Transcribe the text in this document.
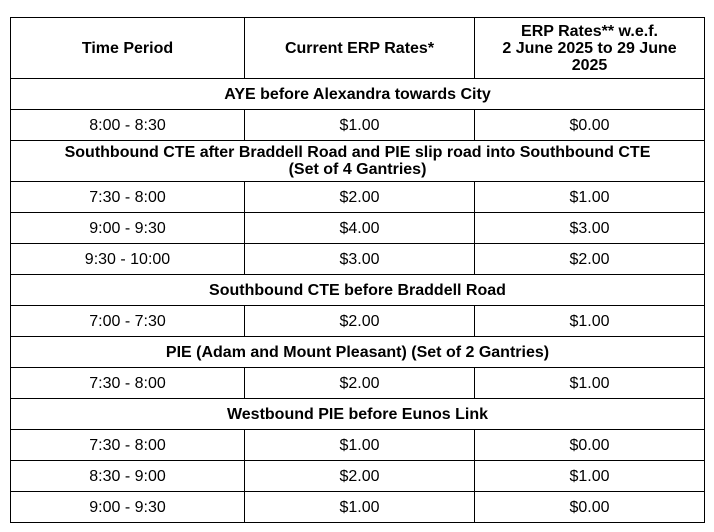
Time Period	Current ERP Rates*	ERP Rates** w.e.f.
2 June 2025 to 29 June
2025

AYE before Alexandra towards City		
8:00 - 8:30	$1.00	$0.00

Southbound CTE after Braddell Road and PIE slip road into Southbound CTE
(Set of 4 Gantries)		

7:30 - 8:00	$2.00	$1.00
9:00 - 9:30	$4.00	$3.00
9:30 - 10:00	$3.00	$2.00
Southbound CTE before Braddell Road		
7:00 - 7:30	$2.00	$1.00
PIE (Adam and Mount Pleasant) (Set of 2 Gantries)		
7:30 - 8:00	$2.00	$1.00
Westbound PIE before Eunos Link		
7:30 - 8:00	$1.00	$0.00
8:30 - 9:00	$2.00	$1.00
9:00 - 9:30	$1.00	$0.00
